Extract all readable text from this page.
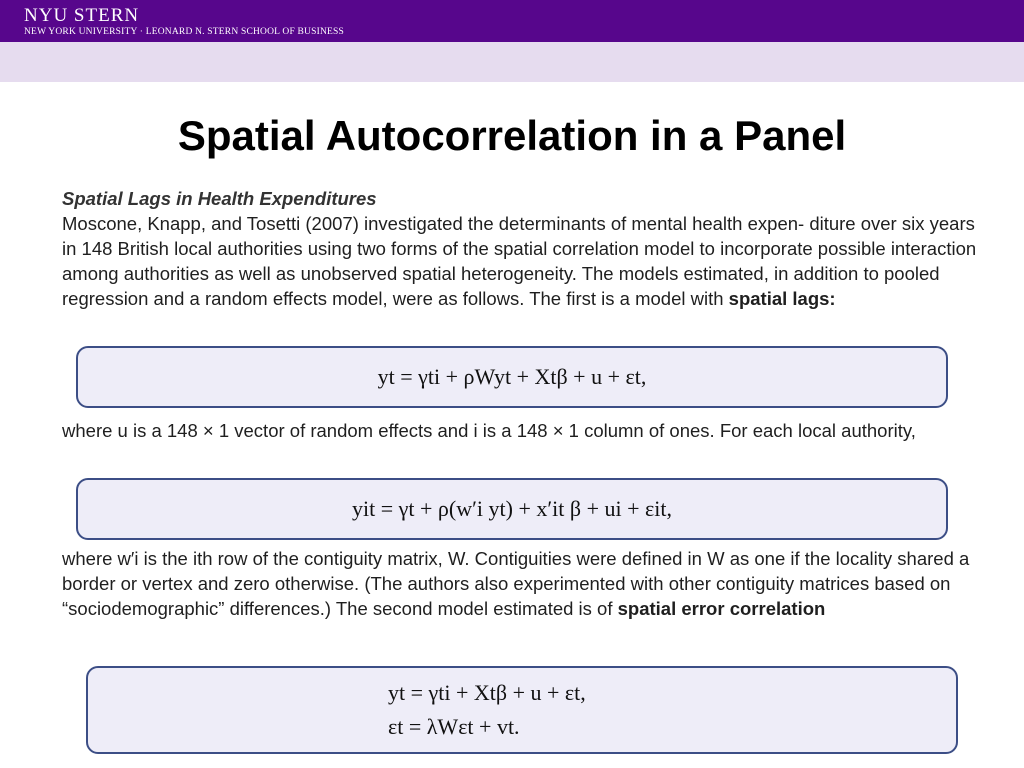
NYU STERN
NEW YORK UNIVERSITY · LEONARD N. STERN SCHOOL OF BUSINESS
Spatial Autocorrelation in a Panel
Spatial Lags in Health Expenditures
Moscone, Knapp, and Tosetti (2007) investigated the determinants of mental health expen- diture over six years in 148 British local authorities using two forms of the spatial correlation model to incorporate possible interaction among authorities as well as unobserved spatial heterogeneity. The models estimated, in addition to pooled regression and a random effects model, were as follows. The first is a model with spatial lags:
yt = γti + ρWyt + Xtβ + u + εt,
where u is a 148 × 1 vector of random effects and i is a 148 × 1 column of ones. For each local authority,
yit = γt + ρ(w′i yt) + x′it β + ui + εit,
where w′i is the ith row of the contiguity matrix, W. Contiguities were defined in W as one if the locality shared a border or vertex and zero otherwise. (The authors also experimented with other contiguity matrices based on “sociodemographic” differences.) The second model estimated is of spatial error correlation
yt = γti + Xtβ + u + εt,
εt = λWεt + vt.
